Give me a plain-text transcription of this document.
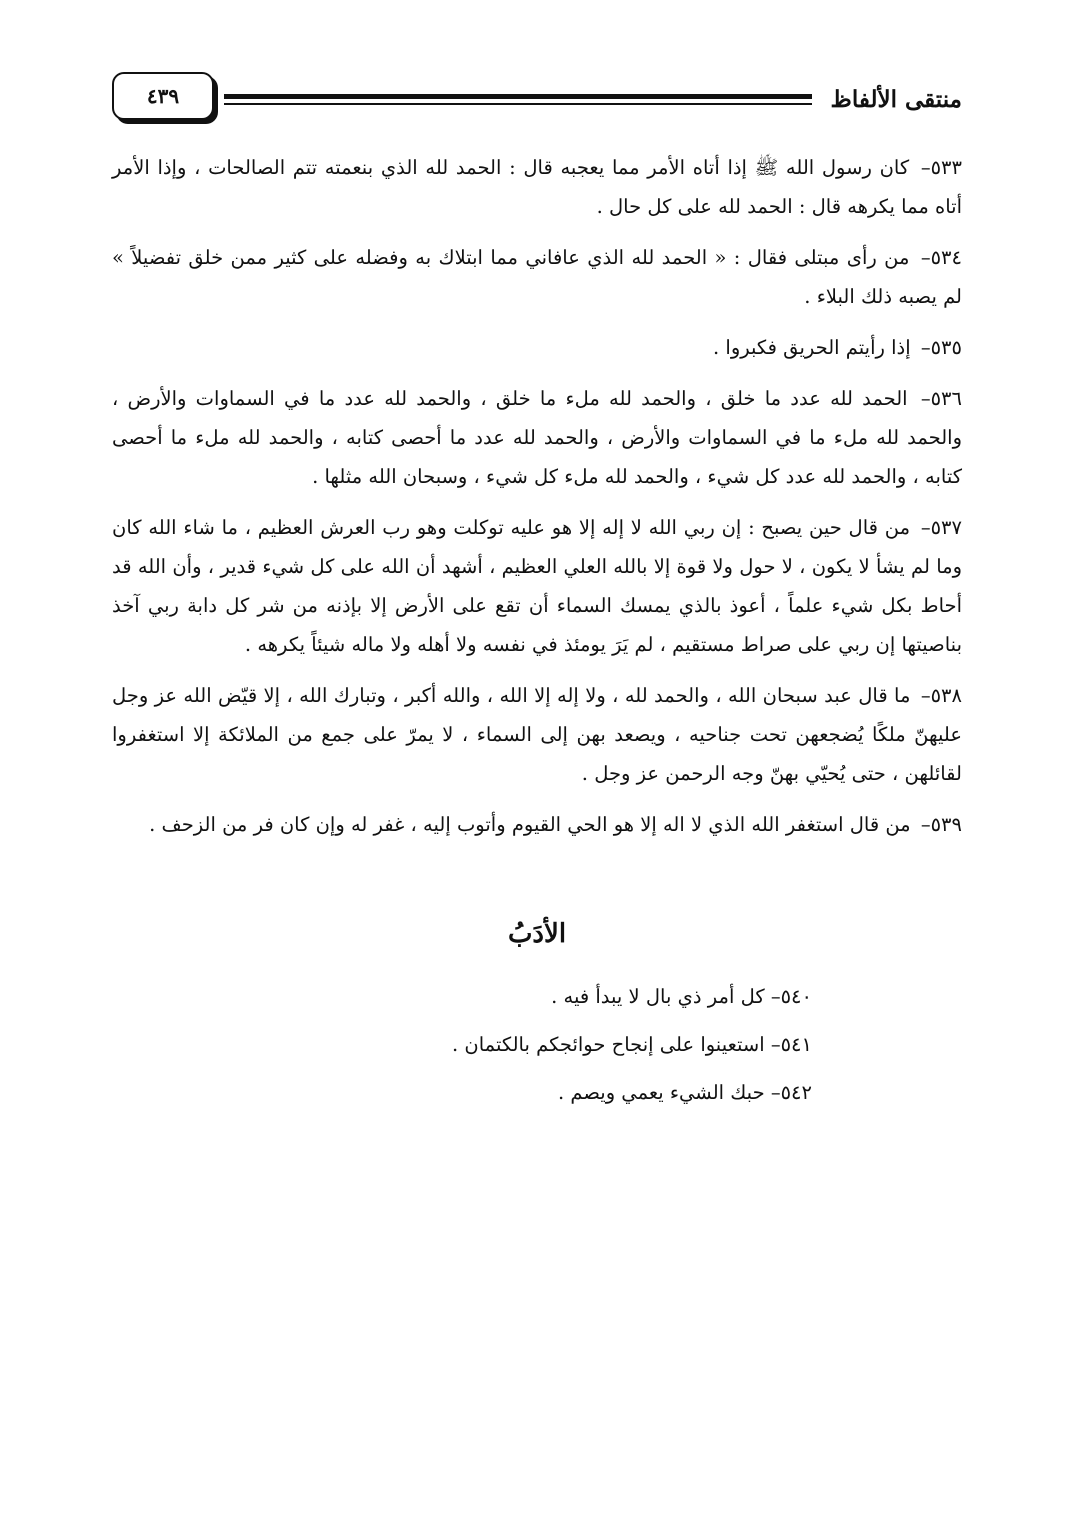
منتقى الألفاظ
٤٣٩

٥٣٣– كان رسول الله ﷺ إذا أتاه الأمر مما يعجبه قال : الحمد لله الذي بنعمته تتم الصالحات ، وإذا الأمر أتاه مما يكرهه قال : الحمد لله على كل حال .

٥٣٤– من رأى مبتلى فقال : « الحمد لله الذي عافاني مما ابتلاك به وفضله على كثير ممن خلق تفضيلاً » لم يصبه ذلك البلاء .

٥٣٥– إذا رأيتم الحريق فكبروا .

٥٣٦– الحمد لله عدد ما خلق ، والحمد لله ملء ما خلق ، والحمد لله عدد ما في السماوات والأرض ، والحمد لله ملء ما في السماوات والأرض ، والحمد لله عدد ما أحصى كتابه ، والحمد لله ملء ما أحصى كتابه ، والحمد لله عدد كل شيء ، والحمد لله ملء كل شيء ، وسبحان الله مثلها .

٥٣٧– من قال حين يصبح : إن ربي الله لا إله إلا هو عليه توكلت وهو رب العرش العظيم ، ما شاء الله كان وما لم يشأ لا يكون ، لا حول ولا قوة إلا بالله العلي العظيم ، أشهد أن الله على كل شيء قدير ، وأن الله قد أحاط بكل شيء علماً ، أعوذ بالذي يمسك السماء أن تقع على الأرض إلا بإذنه من شر كل دابة ربي آخذ بناصيتها إن ربي على صراط مستقيم ، لم يَرَ يومئذ في نفسه ولا أهله ولا ماله شيئاً يكرهه .

٥٣٨– ما قال عبد سبحان الله ، والحمد لله ، ولا إله إلا الله ، والله أكبر ، وتبارك الله ، إلا قيّض الله عز وجل عليهنّ ملكًا يُضجعهن تحت جناحيه ، ويصعد بهن إلى السماء ، لا يمرّ على جمع من الملائكة إلا استغفروا لقائلهن ، حتى يُحيّي بهنّ وجه الرحمن عز وجل .

٥٣٩– من قال استغفر الله الذي لا اله إلا هو الحي القيوم وأتوب إليه ، غفر له وإن كان فر من الزحف .

الأدَبُ

٥٤٠– كل أمر ذي بال لا يبدأ فيه .

٥٤١– استعينوا على إنجاح حوائجكم بالكتمان .

٥٤٢– حبك الشيء يعمي ويصم .
